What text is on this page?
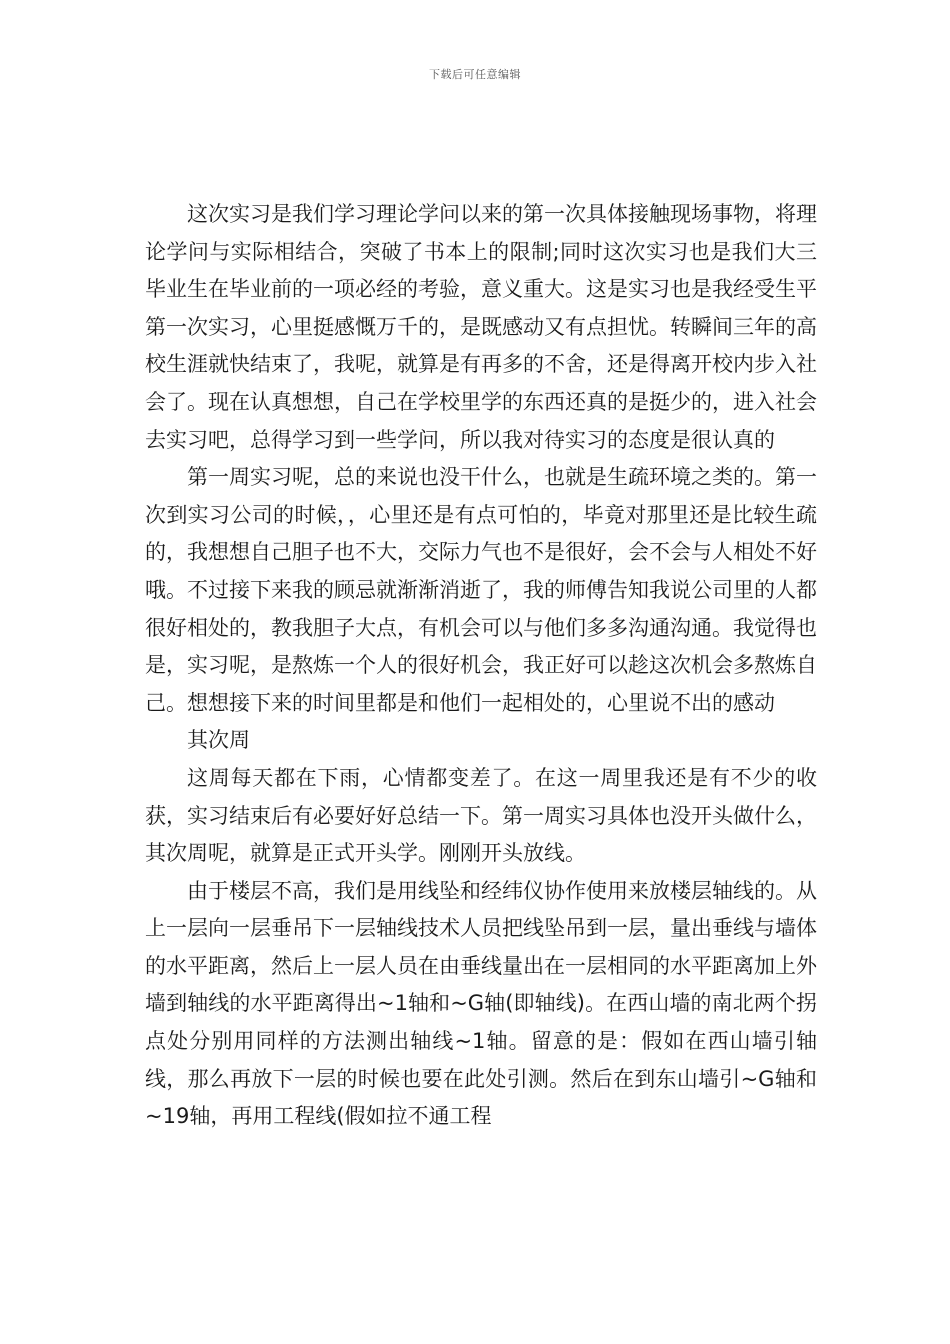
下载后可任意编辑

这次实习是我们学习理论学问以来的第一次具体接触现场事物，将理论学问与实际相结合，突破了书本上的限制;同时这次实习也是我们大三毕业生在毕业前的一项必经的考验，意义重大。这是实习也是我经受生平第一次实习，心里挺感慨万千的，是既感动又有点担忧。转瞬间三年的高校生涯就快结束了，我呢，就算是有再多的不舍，还是得离开校内步入社会了。现在认真想想，自己在学校里学的东西还真的是挺少的，进入社会去实习吧，总得学习到一些学问，所以我对待实习的态度是很认真的

第一周实习呢，总的来说也没干什么，也就是生疏环境之类的。第一次到实习公司的时候，，心里还是有点可怕的，毕竟对那里还是比较生疏的，我想想自己胆子也不大，交际力气也不是很好，会不会与人相处不好哦。不过接下来我的顾忌就渐渐消逝了，我的师傅告知我说公司里的人都很好相处的，教我胆子大点，有机会可以与他们多多沟通沟通。我觉得也是，实习呢，是熬炼一个人的很好机会，我正好可以趁这次机会多熬炼自己。想想接下来的时间里都是和他们一起相处的，心里说不出的感动

其次周

这周每天都在下雨，心情都变差了。在这一周里我还是有不少的收获，实习结束后有必要好好总结一下。第一周实习具体也没开头做什么，其次周呢，就算是正式开头学。刚刚开头放线。

由于楼层不高，我们是用线坠和经纬仪协作使用来放楼层轴线的。从上一层向一层垂吊下一层轴线技术人员把线坠吊到一层，量出垂线与墙体的水平距离，然后上一层人员在由垂线量出在一层相同的水平距离加上外墙到轴线的水平距离得出~1轴和~G轴(即轴线)。在西山墙的南北两个拐点处分别用同样的方法测出轴线~1轴。留意的是：假如在西山墙引轴线，那么再放下一层的时候也要在此处引测。然后在到东山墙引~G轴和~19轴，再用工程线(假如拉不通工程
